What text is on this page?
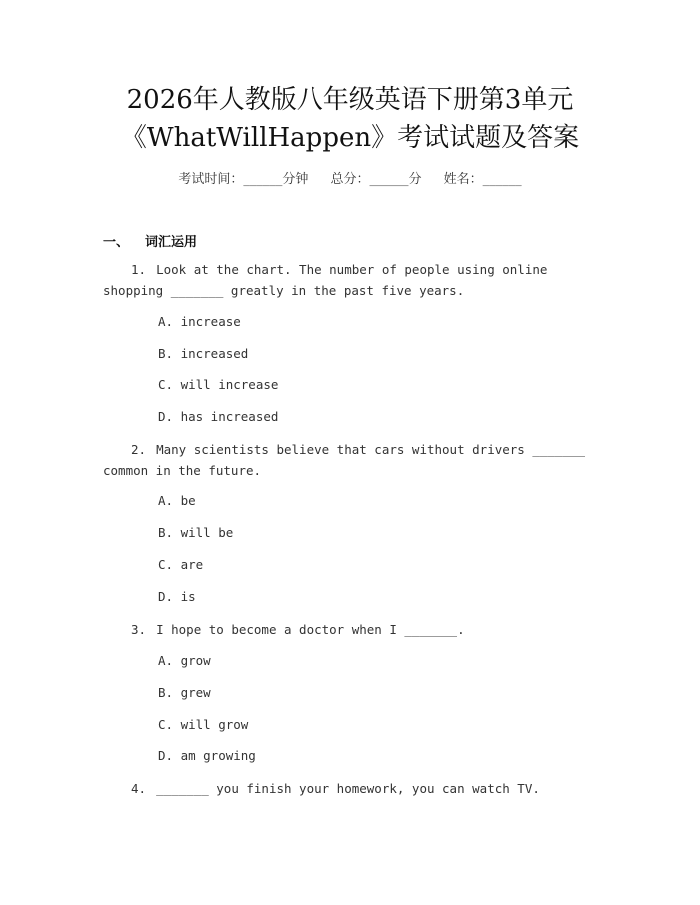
2026年人教版八年级英语下册第3单元
《WhatWillHappen》考试试题及答案
考试时间：______分钟 总分：______分 姓名：______
一、 词汇运用
1. Look at the chart. The number of people using online shopping _______ greatly in the past five years.
A. increase
B. increased
C. will increase
D. has increased
2. Many scientists believe that cars without drivers _______ common in the future.
A. be
B. will be
C. are
D. is
3. I hope to become a doctor when I _______.
A. grow
B. grew
C. will grow
D. am growing
4. _______ you finish your homework, you can watch TV.
